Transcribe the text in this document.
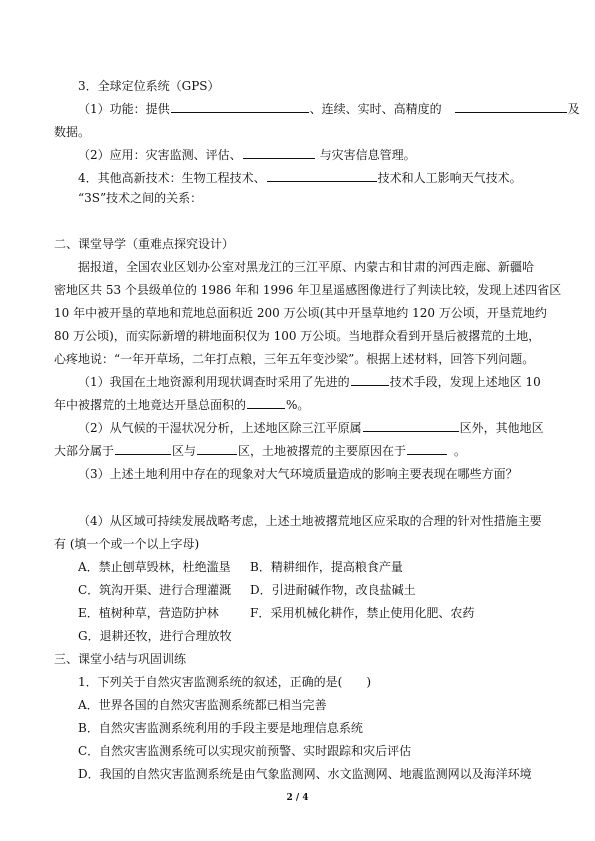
3．全球定位系统（GPS）
（1）功能：提供	、连续、实时、高精度的	及
数据。
（2）应用：灾害监测、评估、	与灾害信息管理。
4．其他高新技术：生物工程技术、	技术和人工影响天气技术。
“3S”技术之间的关系：
二、课堂导学（重难点探究设计）
据报道，全国农业区划办公室对黑龙江的三江平原、内蒙古和甘肃的河西走廊、新疆哈
密地区共 53 个县级单位的 1986 年和 1996 年卫星遥感图像进行了判读比较，发现上述四省区
10 年中被开垦的草地和荒地总面积近 200 万公顷(其中开垦草地约 120 万公顷，开垦荒地约
80 万公顷)，而实际新增的耕地面积仅为 100 万公顷。当地群众看到开垦后被撂荒的土地，
心疼地说：“一年开草场，二年打点粮，三年五年变沙梁”。根据上述材料，回答下列问题。
（1）我国在土地资源利用现状调查时采用了先进的	技术手段，发现上述地区 10
年中被撂荒的土地竟达开垦总面积的	%。
（2）从气候的干湿状况分析，上述地区除三江平原属	区外，其他地区
大部分属于	区与	区，土地被撂荒的主要原因在于	。
（3）上述土地利用中存在的现象对大气环境质量造成的影响主要表现在哪些方面？
（4）从区域可持续发展战略考虑，上述土地被撂荒地区应采取的合理的针对性措施主要
有 (填一个或一个以上字母)
A．禁止刨草毁林，杜绝滥垦 B．精耕细作，提高粮食产量
C．筑沟开渠、进行合理灌溉 D．引进耐碱作物，改良盐碱土
E．植树种草，营造防护林	F．采用机械化耕作，禁止使用化肥、农药
G．退耕还牧，进行合理放牧
三、课堂小结与巩固训练
1．下列关于自然灾害监测系统的叙述，正确的是(　　)
A．世界各国的自然灾害监测系统都已相当完善
B．自然灾害监测系统利用的手段主要是地理信息系统
C．自然灾害监测系统可以实现灾前预警、实时跟踪和灾后评估
D．我国的自然灾害监测系统是由气象监测网、水文监测网、地震监测网以及海洋环境
2 / 4
